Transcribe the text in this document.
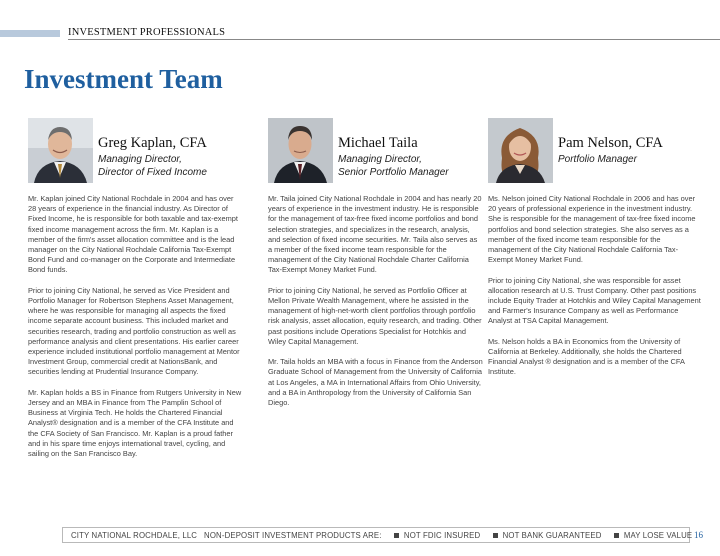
INVESTMENT PROFESSIONALS
Investment Team
Greg Kaplan, CFA
Managing Director,
Director of Fixed Income

Mr. Kaplan joined City National Rochdale in 2004 and has over 28 years of experience in the financial industry. As Director of Fixed Income, he is responsible for both taxable and tax-exempt fixed income management across the firm. Mr. Kaplan is a member of the firm's asset allocation committee and is the lead manager on the City National Rochdale California Tax-Exempt Bond Fund and co-manager on the Corporate and Intermediate Bond funds.

Prior to joining City National, he served as Vice President and Portfolio Manager for Robertson Stephens Asset Management, where he was responsible for managing all aspects the fixed income separate account business. This included market and securities research, trading and portfolio construction as well as performance analysis and client presentations. His earlier career experience included institutional portfolio management at Mentor Investment Group, commercial credit at NationsBank, and securities lending at Prudential Insurance Company.

Mr. Kaplan holds a BS in Finance from Rutgers University in New Jersey and an MBA in Finance from The Pamplin School of Business at Virginia Tech. He holds the Chartered Financial Analyst® designation and is a member of the CFA Institute and the CFA Society of San Francisco. Mr. Kaplan is a proud father and in his spare time enjoys international travel, cycling, and sailing on the San Francisco Bay.

Michael Taila
Managing Director,
Senior Portfolio Manager

Mr. Taila joined City National Rochdale in 2004 and has nearly 20 years of experience in the investment industry. He is responsible for the management of tax-free fixed income portfolios and bond selection strategies, and specializes in the research, analysis, and selection of fixed income securities. Mr. Taila also serves as a member of the fixed income team responsible for the management of the City National Rochdale Charter California Tax-Exempt Money Market Fund.

Prior to joining City National, he served as Portfolio Officer at Mellon Private Wealth Management, where he assisted in the management of high-net-worth client portfolios through portfolio risk analysis, asset allocation, equity research, and trading. Other past positions include Operations Specialist for Hotchkis and Wiley Capital Management.

Mr. Taila holds an MBA with a focus in Finance from the Anderson Graduate School of Management from the University of California at Los Angeles, a MA in International Affairs from Ohio University, and a BA in Anthropology from the University of California San Diego.

Pam Nelson, CFA
Portfolio Manager

Ms. Nelson joined City National Rochdale in 2006 and has over 20 years of professional experience in the investment industry. She is responsible for the management of tax-free fixed income portfolios and bond selection strategies. She also serves as a member of the fixed income team responsible for the management of the City National Rochdale California Tax-Exempt Money Market Fund.

Prior to joining City National, she was responsible for asset allocation research at U.S. Trust Company. Other past positions include Equity Trader at Hotchkis and Wiley Capital Management and Farmer's Insurance Company as well as Performance Analyst at TSA Capital Management.

Ms. Nelson holds a BA in Economics from the University of California at Berkeley. Additionally, she holds the Chartered Financial Analyst ® designation and is a member of the CFA Institute.

CITY NATIONAL ROCHDALE, LLC NON-DEPOSIT INVESTMENT PRODUCTS ARE:	NOT FDIC INSURED	NOT BANK GUARANTEED	MAY LOSE VALUE 16
